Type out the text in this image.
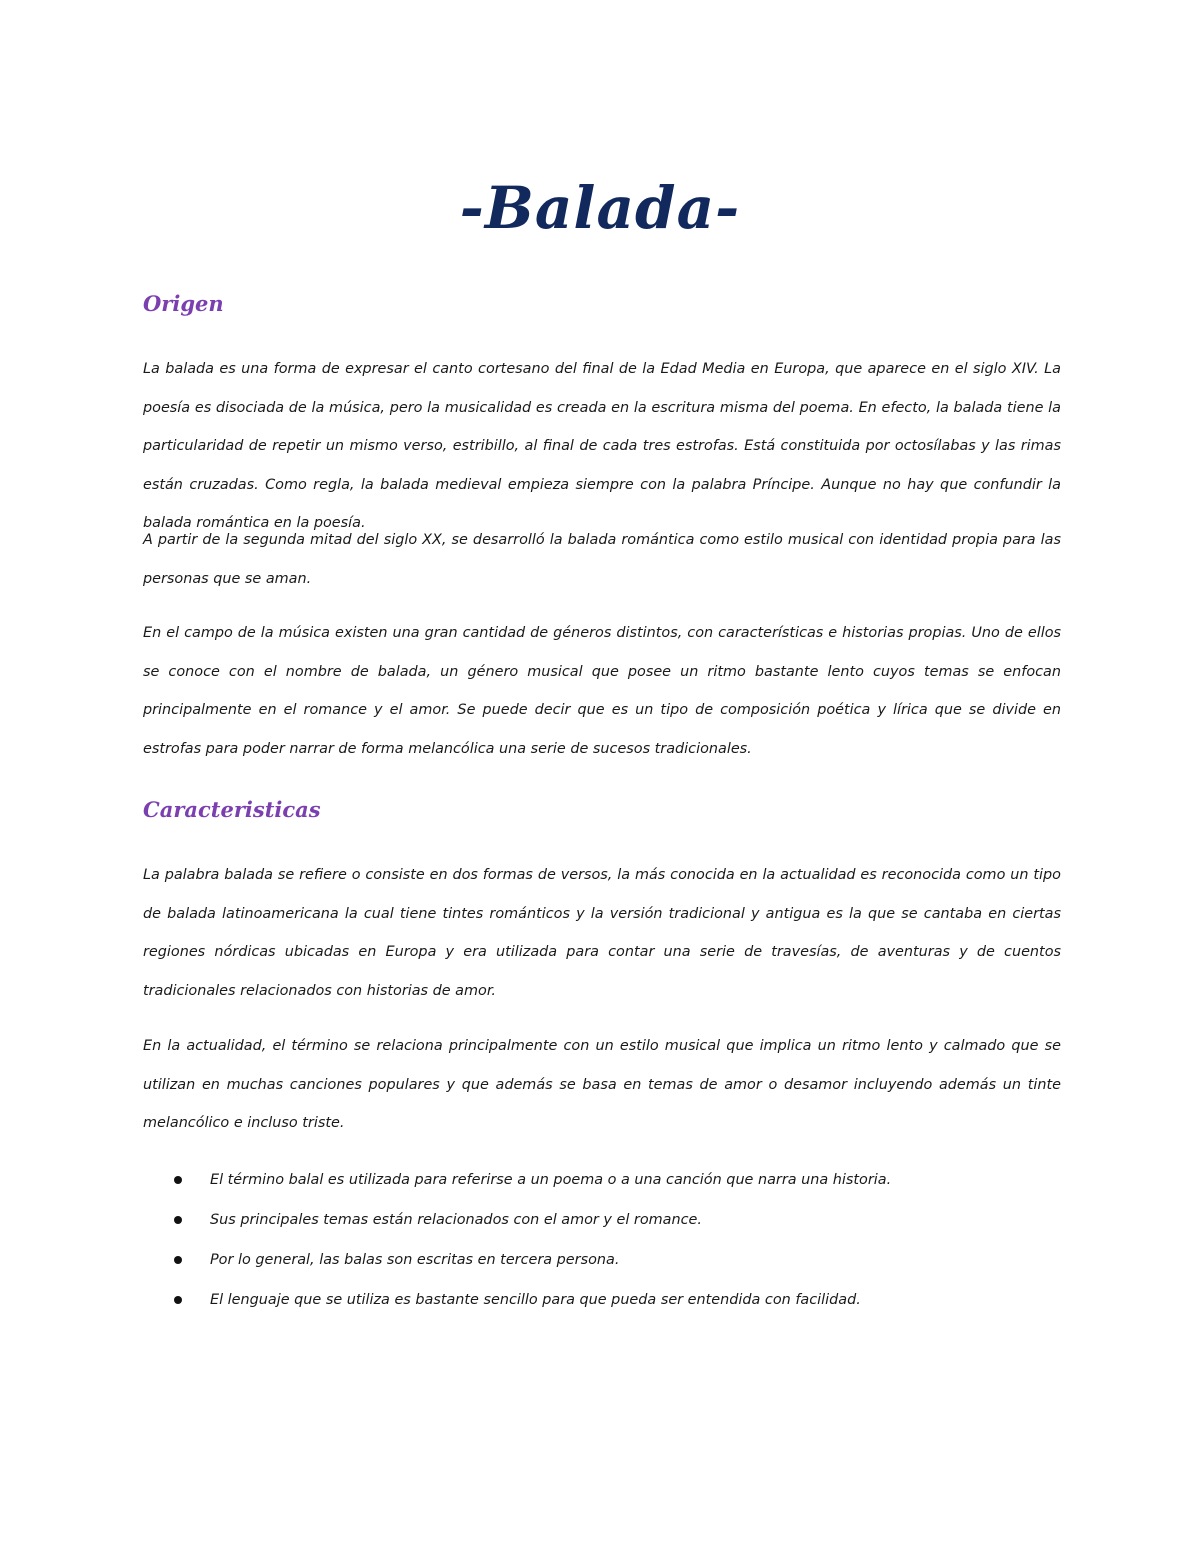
-Balada-
Origen

La balada es una forma de expresar el canto cortesano del final de la Edad Media en Europa, que aparece en el siglo XIV. La poesía es disociada de la música, pero la musicalidad es creada en la escritura misma del poema. En efecto, la balada tiene la particularidad de repetir un mismo verso, estribillo, al final de cada tres estrofas. Está constituida por octosílabas y las rimas están cruzadas. Como regla, la balada medieval empieza siempre con la palabra Príncipe. Aunque no hay que confundir la balada romántica en la poesía.

A partir de la segunda mitad del siglo XX, se desarrolló la balada romántica como estilo musical con identidad propia para las personas que se aman.

En el campo de la música existen una gran cantidad de géneros distintos, con características e historias propias. Uno de ellos se conoce con el nombre de balada, un género musical que posee un ritmo bastante lento cuyos temas se enfocan principalmente en el romance y el amor. Se puede decir que es un tipo de composición poética y lírica que se divide en estrofas para poder narrar de forma melancólica una serie de sucesos tradicionales.

Caracteristicas

La palabra balada se refiere o consiste en dos formas de versos, la más conocida en la actualidad es reconocida como un tipo de balada latinoamericana la cual tiene tintes románticos y la versión tradicional y antigua es la que se cantaba en ciertas regiones nórdicas ubicadas en Europa y era utilizada para contar una serie de travesías, de aventuras y de cuentos tradicionales relacionados con historias de amor.

En la actualidad, el término se relaciona principalmente con un estilo musical que implica un ritmo lento y calmado que se utilizan en muchas canciones populares y que además se basa en temas de amor o desamor incluyendo además un tinte melancólico e incluso triste.

El término balal es utilizada para referirse a un poema o a una canción que narra una historia.
Sus principales temas están relacionados con el amor y el romance.
Por lo general, las balas son escritas en tercera persona.
El lenguaje que se utiliza es bastante sencillo para que pueda ser entendida con facilidad.
